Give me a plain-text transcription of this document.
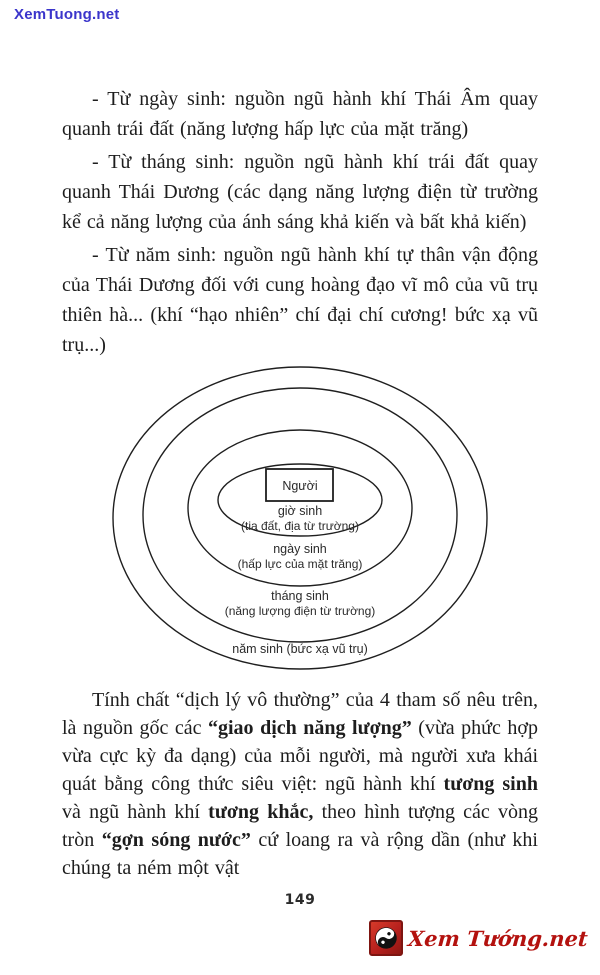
XemTuong.net

- Từ ngày sinh: nguồn ngũ hành khí Thái Âm quay quanh trái đất (năng lượng hấp lực của mặt trăng)

- Từ tháng sinh: nguồn ngũ hành khí trái đất quay quanh Thái Dương (các dạng năng lượng điện từ trường kể cả năng lượng của ánh sáng khả kiến và bất khả kiến)

- Từ năm sinh: nguồn ngũ hành khí tự thân vận động của Thái Dương đối với cung hoàng đạo vĩ mô của vũ trụ thiên hà... (khí “hạo nhiên” chí đại chí cương! bức xạ vũ trụ...)

Người
giờ sinh
(tia đất, địa từ trường)
ngày sinh
(hấp lực của mặt trăng)
tháng sinh
(năng lượng điện từ trường)
năm sinh (bức xạ vũ trụ)

Tính chất “dịch lý vô thường” của 4 tham số nêu trên, là nguồn gốc các “giao dịch năng lượng” (vừa phức hợp vừa cực kỳ đa dạng) của mỗi người, mà người xưa khái quát bằng công thức siêu việt: ngũ hành khí tương sinh và ngũ hành khí tương khắc, theo hình tượng các vòng tròn “gợn sóng nước” cứ loang ra và rộng dần (như khi chúng ta ném một vật

149
Xem Tướng.net
